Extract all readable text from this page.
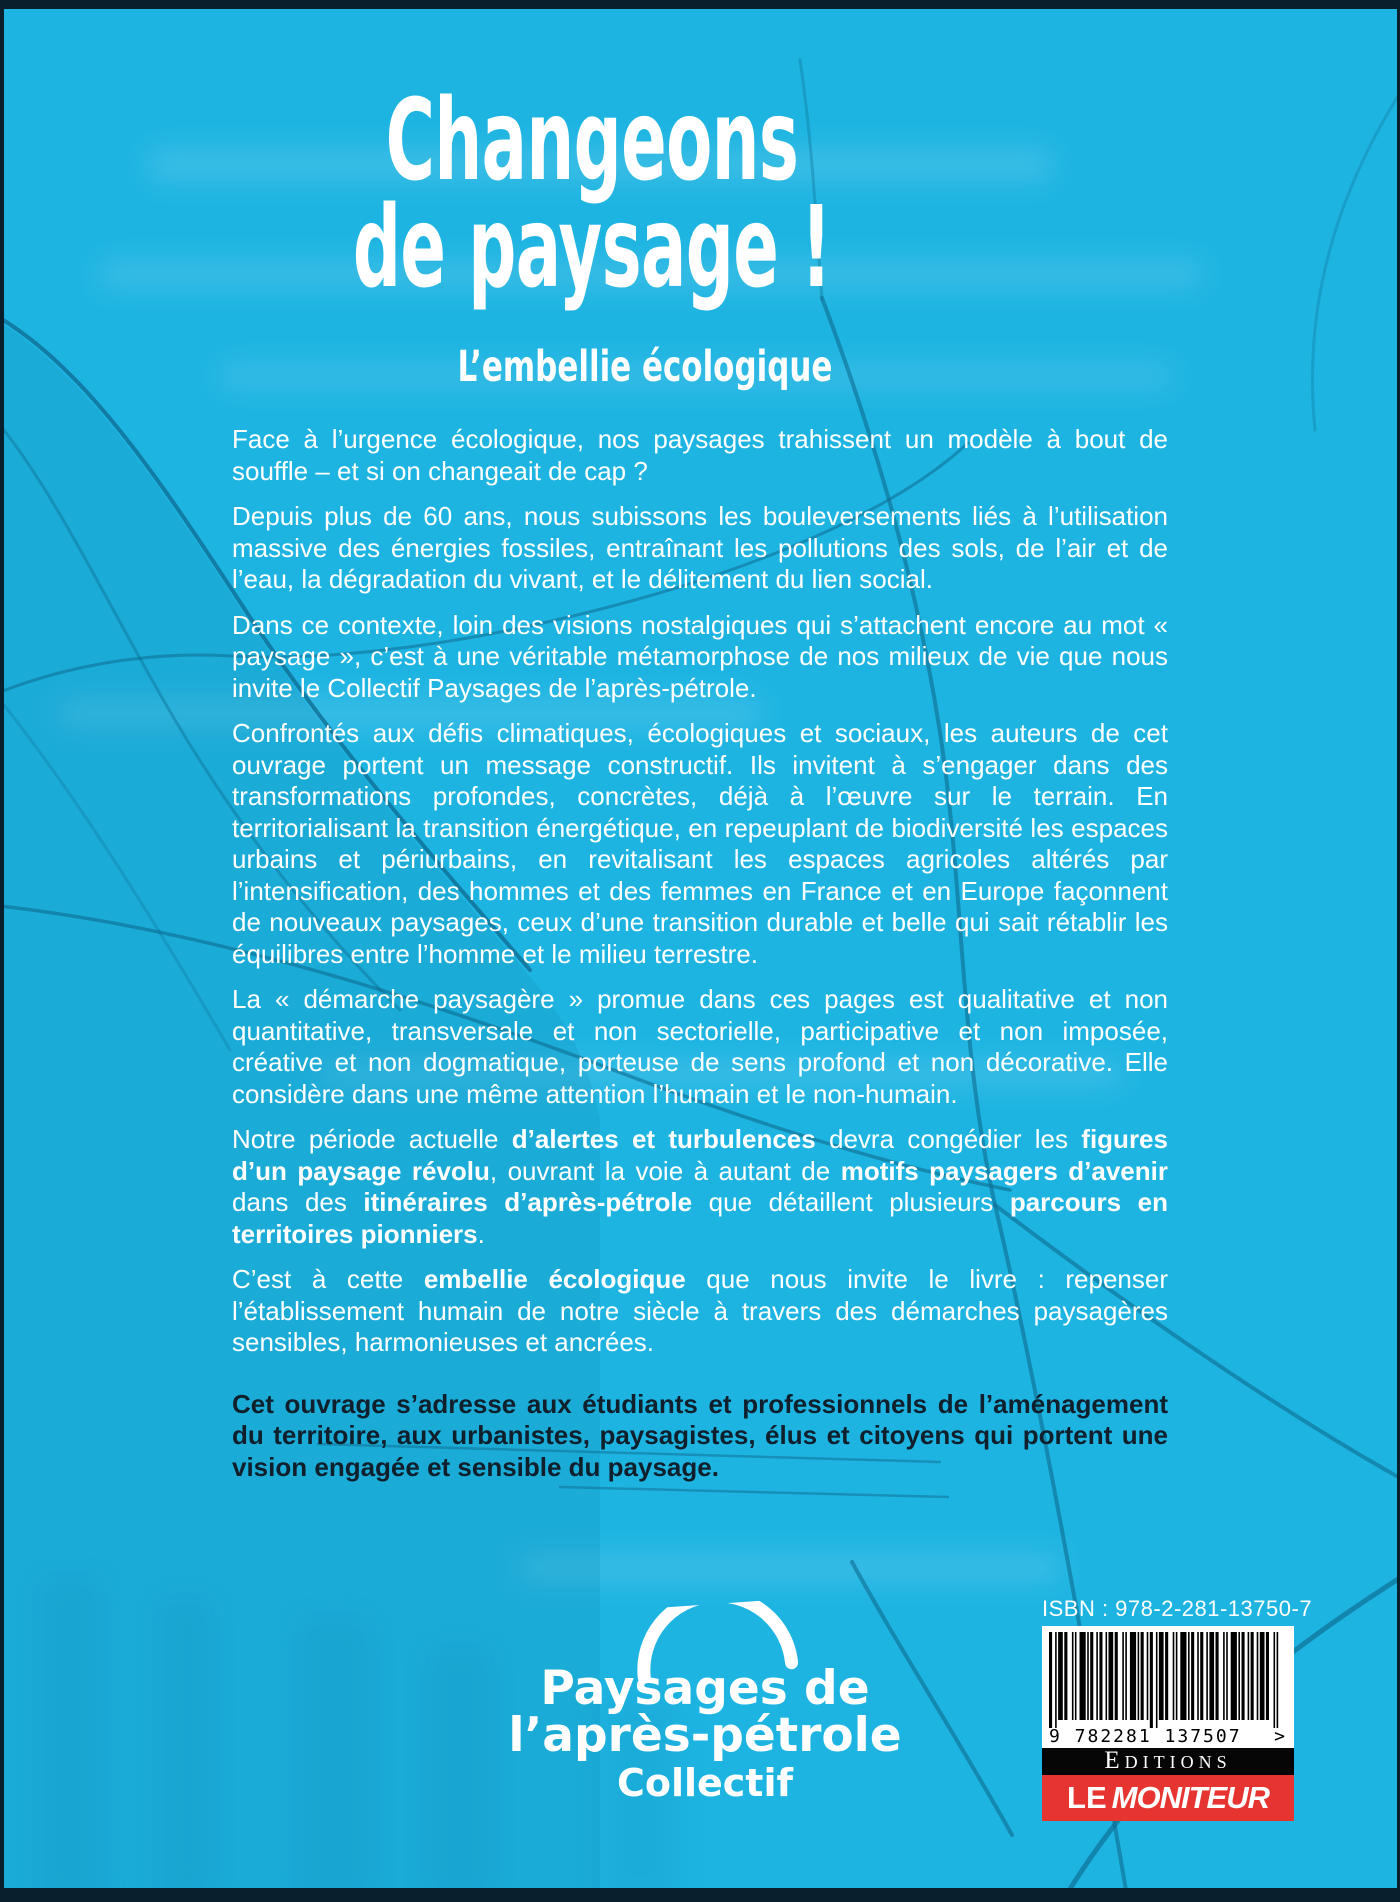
Changeons
de paysage !
L’embellie écologique

Face à l’urgence écologique, nos paysages trahissent un modèle à bout de souffle – et si on changeait de cap ?

Depuis plus de 60 ans, nous subissons les bouleversements liés à l’utilisation massive des énergies fossiles, entraînant les pollutions des sols, de l’air et de l’eau, la dégradation du vivant, et le délitement du lien social.

Dans ce contexte, loin des visions nostalgiques qui s’attachent encore au mot « paysage », c’est à une véritable métamorphose de nos milieux de vie que nous invite le Collectif Paysages de l’après-pétrole.

Confrontés aux défis climatiques, écologiques et sociaux, les auteurs de cet ouvrage portent un message constructif. Ils invitent à s’engager dans des transformations profondes, concrètes, déjà à l’œuvre sur le terrain. En territorialisant la transition énergétique, en repeuplant de biodiversité les espaces urbains et périurbains, en revitalisant les espaces agricoles altérés par l’intensification, des hommes et des femmes en France et en Europe façonnent de nouveaux paysages, ceux d’une transition durable et belle qui sait rétablir les équilibres entre l’homme et le milieu terrestre.

La « démarche paysagère » promue dans ces pages est qualitative et non quantitative, transversale et non sectorielle, participative et non imposée, créative et non dogmatique, porteuse de sens profond et non décorative. Elle considère dans une même attention l’humain et le non-humain.

Notre période actuelle d’alertes et turbulences devra congédier les figures d’un paysage révolu, ouvrant la voie à autant de motifs paysagers d’avenir dans des itinéraires d’après-pétrole que détaillent plusieurs parcours en territoires pionniers.

C’est à cette embellie écologique que nous invite le livre : repenser l’établissement humain de notre siècle à travers des démarches paysagères sensibles, harmonieuses et ancrées.

Cet ouvrage s’adresse aux étudiants et professionnels de l’aménagement du territoire, aux urbanistes, paysagistes, élus et citoyens qui portent une vision engagée et sensible du paysage.

ISBN : 978-2-281-13750-7
9 782281 137507 >
Editions
LE MONITEUR
Paysages de
l’après-pétrole
Collectif
